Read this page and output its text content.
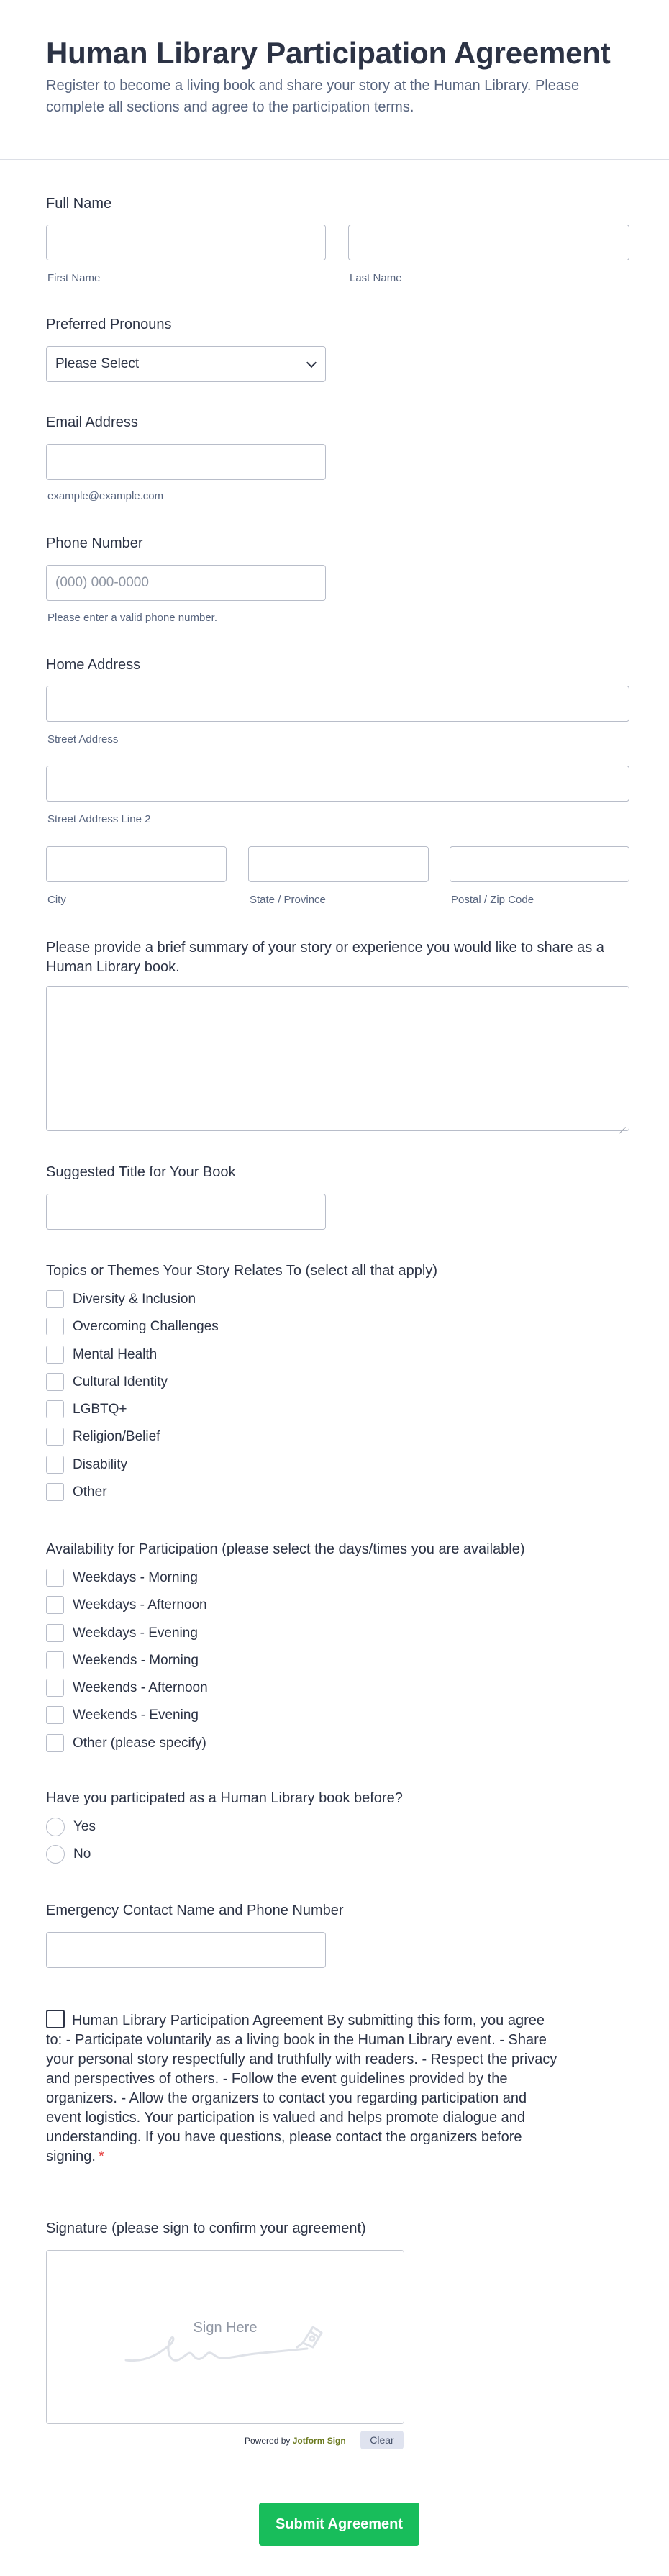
Human Library Participation Agreement

Register to become a living book and share your story at the Human Library. Please complete all sections and agree to the participation terms.

Full Name
First Name	Last Name
Preferred Pronouns
Please Select
Email Address
example@example.com
Phone Number
(000) 000-0000
Please enter a valid phone number.
Home Address
Street Address
Street Address Line 2
City	State / Province	Postal / Zip Code
Please provide a brief summary of your story or experience you would like to share as a Human Library book.
Suggested Title for Your Book
Topics or Themes Your Story Relates To (select all that apply)
Diversity & Inclusion
Overcoming Challenges
Mental Health
Cultural Identity
LGBTQ+
Religion/Belief
Disability
Other
Availability for Participation (please select the days/times you are available)
Weekdays - Morning
Weekdays - Afternoon
Weekdays - Evening
Weekends - Morning
Weekends - Afternoon
Weekends - Evening
Other (please specify)
Have you participated as a Human Library book before?
Yes
No
Emergency Contact Name and Phone Number
Human Library Participation Agreement By submitting this form, you agree to: - Participate voluntarily as a living book in the Human Library event. - Share your personal story respectfully and truthfully with readers. - Respect the privacy and perspectives of others. - Follow the event guidelines provided by the organizers. - Allow the organizers to contact you regarding participation and event logistics. Your participation is valued and helps promote dialogue and understanding. If you have questions, please contact the organizers before signing. *
Signature (please sign to confirm your agreement)
Sign Here
Powered by Jotform Sign	Clear
Submit Agreement
